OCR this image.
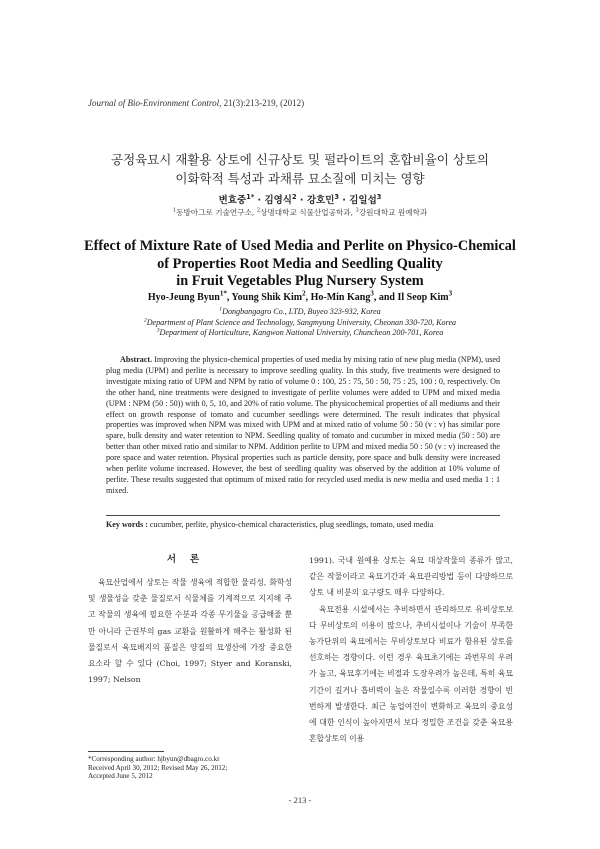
Journal of Bio-Environment Control, 21(3):213-219, (2012)
공정육묘시 재활용 상토에 신규상토 및 펄라이트의 혼합비율이 상토의
이화학적 특성과 과채류 묘소질에 미치는 영향
변효중$^{1*}$ · 김영식$^2$ · 강호민$^3$ · 김일섭$^3$
$^1$동방아그로 기술연구소, $^2$상명대학교 식물산업공학과, $^3$강원대학교 원예학과
Effect of Mixture Rate of Used Media and Perlite on Physico-Chemical
of Properties Root Media and Seedling Quality
in Fruit Vegetables Plug Nursery System
Hyo-Jeung Byun$^{1*}$, Young Shik Kim$^2$, Ho-Min Kang$^3$, and Il Seop Kim$^3$
$^1$Dongbangagro Co., LTD, Buyeo 323-932, Korea
$^2$Department of Plant Science and Technology, Sangmyung University, Cheonan 330-720, Korea
$^3$Department of Horticulture, Kangwon National University, Chuncheon 200-701, Korea
Abstract. Improving the physico-chemical properties of used media by mixing ratio of new plug media (NPM), used plug media (UPM) and perlite is necessary to improve seedling quality. In this study, five treatments were designed to investigate mixing ratio of UPM and NPM by ratio of volume 0 : 100, 25 : 75, 50 : 50, 75 : 25, 100 : 0, respectively. On the other hand, nine treatments were designed to investigate of perlite volumes were added to UPM and mixed media (UPM : NPM (50 : 50)) with 0, 5, 10, and 20% of ratio volume. The physicochemical properties of all mediums and their effect on growth response of tomato and cucumber seedlings were determined. The result indicates that physical properties was improved when NPM was mixed with UPM and at mixed ratio of volume 50 : 50 (v : v) has similar pore spare, bulk density and water retention to NPM. Seedling quality of tomato and cucumber in mixed media (50 : 50) are better than other mixed ratio and similar to NPM. Addition perlite to UPM and mixed media 50 : 50 (v : v) increased the pore space and water retention. Physical properties such as particle density, pore space and bulk density were increased when perlite volume increased. However, the best of seedling quality was observed by the addition at 10% volume of perlite. These results suggested that optimum of mixed ratio for recycled used media is new media and used media 1 : 1 mixed.
Key words : cucumber, perlite, physico-chemical characteristics, plug seedlings, tomato, used media
서론

육묘산업에서 상토는 작물 생육에 적합한 물리성, 화학성 및 생물성을 갖춘 물질로서 식물체를 기계적으로 지지해 주고 작물의 생육에 필요한 수분과 각종 무기물을 공급해줄 뿐만 아니라 근권부의 gas 교환을 원활하게 해주는 활성화 된 물질로서 육묘배지의 품질은 양질의 묘생산에 가장 중요한 요소라 할 수 있다 (Choi, 1997; Styer and Koranski, 1997; Nelson

1991). 국내 원예용 상토는 육묘 대상작물의 종류가 많고, 같은 작물이라고 육묘기간과 육묘관리방법 등이 다양하므로 상토 내 비분의 요구량도 매우 다양하다.

육묘전용 시설에서는 추비하면서 관리하므로 유비상토보다 무비상토의 이용이 많으나, 추비시설이나 기술이 부족한 농가단위의 육묘에서는 무비상토보다 비료가 함유된 상토를 선호하는 경향이다. 이런 경우 육묘초기에는 과번무의 우려가 높고, 육묘후기에는 비절과 도장우려가 높은데, 특히 육묘기간이 길거나 흡비력이 높은 작물일수록 이러한 경향이 빈번하게 발생한다. 최근 농업여건이 변화하고 육묘의 중요성에 대한 인식이 높아지면서 보다 정밀한 조건을 갖춘 육묘용 혼합상토의 이용

*Corresponding author: hjbyun@dbagro.co.kr
Received April 30, 2012; Revised May 26, 2012;
Accepted June 5, 2012
- 213 -
